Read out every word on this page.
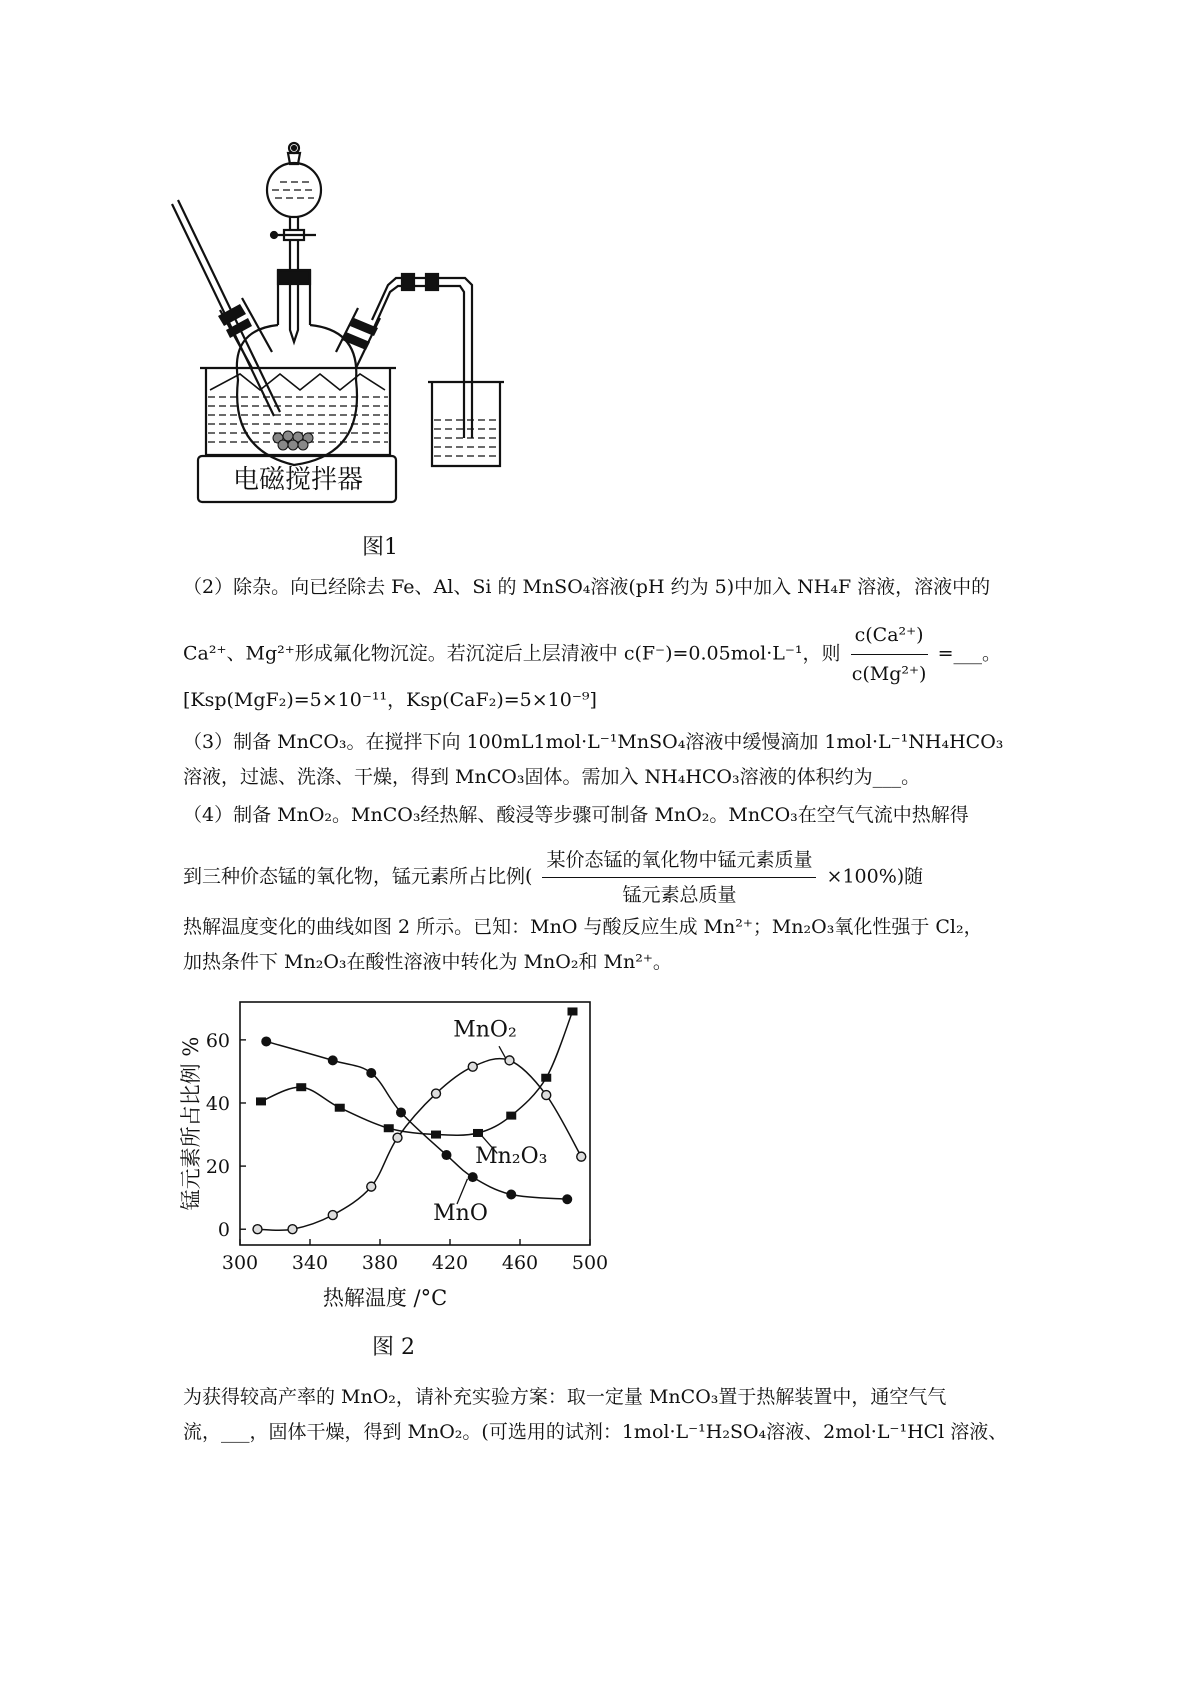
电磁搅拌器
图1
（2）除杂。向已经除去 Fe、Al、Si 的 MnSO₄溶液(pH 约为 5)中加入 NH₄F 溶液，溶液中的
Ca²⁺、Mg²⁺形成氟化物沉淀。若沉淀后上层清液中 c(F⁻)=0.05mol·L⁻¹，则 $\frac{\text{c(Ca²⁺)}}{\text{c(Mg²⁺)}}$ =___。
[Ksp(MgF₂)=5×10⁻¹¹，Ksp(CaF₂)=5×10⁻⁹]
（3）制备 MnCO₃。在搅拌下向 100mL1mol·L⁻¹MnSO₄溶液中缓慢滴加 1mol·L⁻¹NH₄HCO₃
溶液，过滤、洗涤、干燥，得到 MnCO₃固体。需加入 NH₄HCO₃溶液的体积约为___。
（4）制备 MnO₂。MnCO₃经热解、酸浸等步骤可制备 MnO₂。MnCO₃在空气气流中热解得
到三种价态锰的氧化物，锰元素所占比例( $\frac{\text{某价态锰的氧化物中锰元素质量}}{\text{锰元素总质量}} \times 100\%$)随
热解温度变化的曲线如图 2 所示。已知：MnO 与酸反应生成 Mn²⁺；Mn₂O₃氧化性强于 Cl₂，
加热条件下 Mn₂O₃在酸性溶液中转化为 MnO₂和 Mn²⁺。
300 340 380 420 460 500
0
20
40
60
热解温度 /°C
锰元素所占比例 %
MnO
Mn₂O₃
MnO₂
图 2
为获得较高产率的 MnO₂，请补充实验方案：取一定量 MnCO₃置于热解装置中，通空气气
流，___，固体干燥，得到 MnO₂。(可选用的试剂：1mol·L⁻¹H₂SO₄溶液、2mol·L⁻¹HCl 溶液、
